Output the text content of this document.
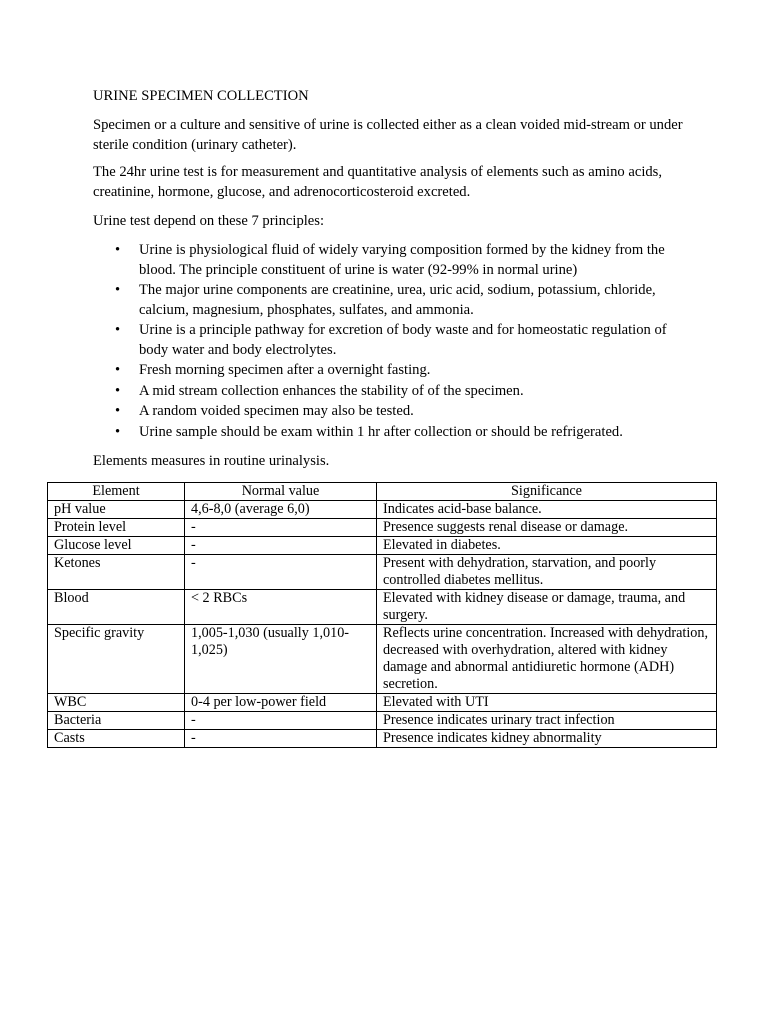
URINE SPECIMEN COLLECTION

Specimen or a culture and sensitive of urine is collected either as a clean voided mid-stream or under sterile condition (urinary catheter).

The 24hr urine test is for measurement and quantitative analysis of elements such as amino acids, creatinine, hormone, glucose, and adrenocorticosteroid excreted.

Urine test depend on these 7 principles:

• Urine is physiological fluid of widely varying composition formed by the kidney from the blood. The principle constituent of urine is water (92-99% in normal urine)
• The major urine components are creatinine, urea, uric acid, sodium, potassium, chloride, calcium, magnesium, phosphates, sulfates, and ammonia.
• Urine is a principle pathway for excretion of body waste and for homeostatic regulation of body water and body electrolytes.
• Fresh morning specimen after a overnight fasting.
• A mid stream collection enhances the stability of of the specimen.
• A random voided specimen may also be tested.
• Urine sample should be exam within 1 hr after collection or should be refrigerated.

Elements measures in routine urinalysis.

Element	Normal value	Significance
pH value	4,6-8,0 (average 6,0)	Indicates acid-base balance.
Protein level	-	Presence suggests renal disease or damage.
Glucose level	-	Elevated in diabetes.
Ketones	-	Present with dehydration, starvation, and poorly controlled diabetes mellitus.
Blood	< 2 RBCs	Elevated with kidney disease or damage, trauma, and surgery.
Specific gravity	1,005-1,030 (usually 1,010-1,025)	Reflects urine concentration. Increased with dehydration, decreased with overhydration, altered with kidney damage and abnormal antidiuretic hormone (ADH) secretion.
WBC	0-4 per low-power field	Elevated with UTI
Bacteria	-	Presence indicates urinary tract infection
Casts	-	Presence indicates kidney abnormality
